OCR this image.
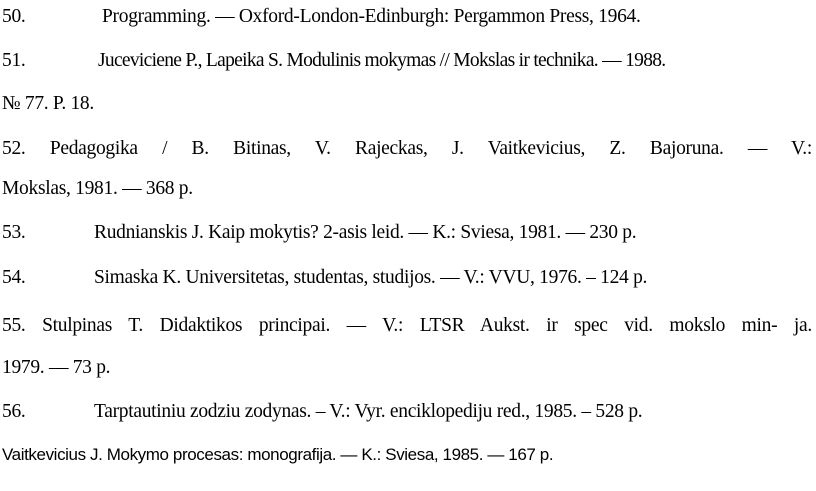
50.	Programming. — Oxford-London-Edinburgh: Pergammon Press, 1964.
51.	Juceviciene P., Lapeika S. Modulinis mokymas // Mokslas ir technika. — 1988.
№ 77. P. 18.
52. Pedagogika / B. Bitinas, V. Rajeckas, J. Vaitkevicius, Z. Bajoruna. — V.:
Mokslas, 1981. — 368 p.
53.	Rudnianskis J. Kaip mokytis? 2-asis leid. — K.: Sviesa, 1981. — 230 p.
54.	Simaska K. Universitetas, studentas, studijos. — V.: VVU, 1976. – 124 p.
55. Stulpinas T. Didaktikos principai. — V.: LTSR Aukst. ir spec vid. mokslo min- ja.
1979. — 73 p.
56.	Tarptautiniu zodziu zodynas. – V.: Vyr. enciklopediju red., 1985. – 528 p.
Vaitkevicius J. Mokymo procesas: monografija. — K.: Sviesa, 1985. — 167 p.
